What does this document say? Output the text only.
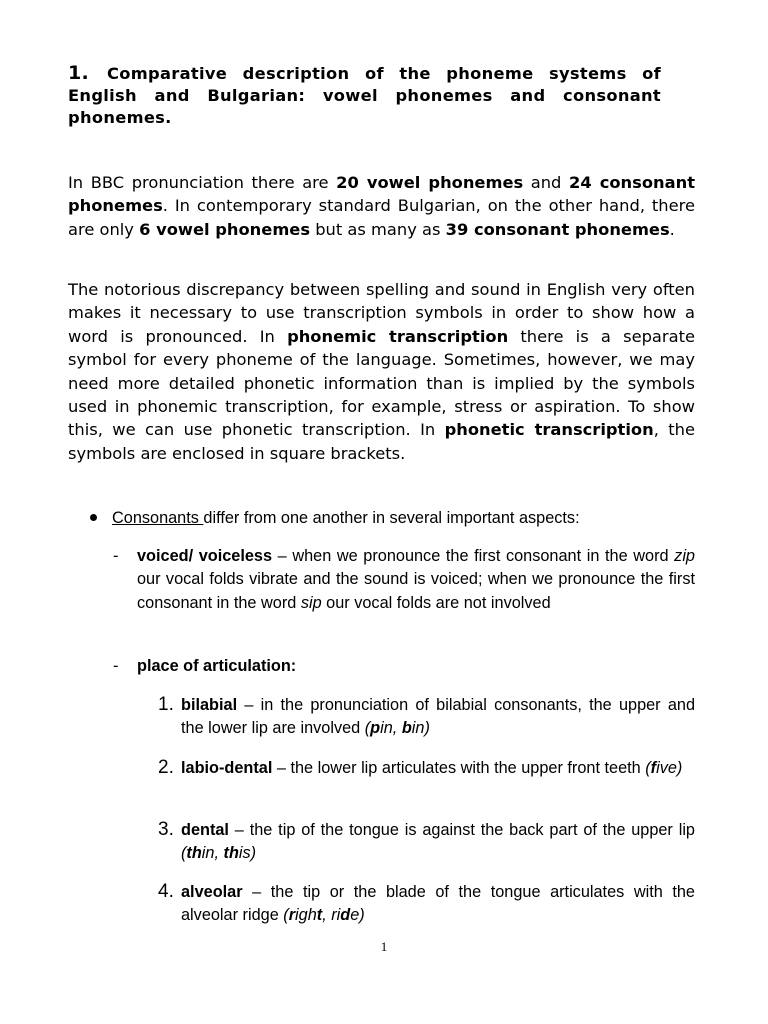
1. Comparative description of the phoneme systems of English and Bulgarian: vowel phonemes and consonant phonemes.
In BBC pronunciation there are 20 vowel phonemes and 24 consonant phonemes. In contemporary standard Bulgarian, on the other hand, there are only 6 vowel phonemes but as many as 39 consonant phonemes.
The notorious discrepancy between spelling and sound in English very often makes it necessary to use transcription symbols in order to show how a word is pronounced. In phonemic transcription there is a separate symbol for every phoneme of the language. Sometimes, however, we may need more detailed phonetic information than is implied by the symbols used in phonemic transcription, for example, stress or aspiration. To show this, we can use phonetic transcription. In phonetic transcription, the symbols are enclosed in square brackets.
Consonants differ from one another in several important aspects:
- voiced/ voiceless – when we pronounce the first consonant in the word zip our vocal folds vibrate and the sound is voiced; when we pronounce the first consonant in the word sip our vocal folds are not involved
- place of articulation:
1. bilabial – in the pronunciation of bilabial consonants, the upper and the lower lip are involved (pin, bin)
2. labio-dental – the lower lip articulates with the upper front teeth (five)
3. dental – the tip of the tongue is against the back part of the upper lip (thin, this)
4. alveolar – the tip or the blade of the tongue articulates with the alveolar ridge (right, ride)
1
